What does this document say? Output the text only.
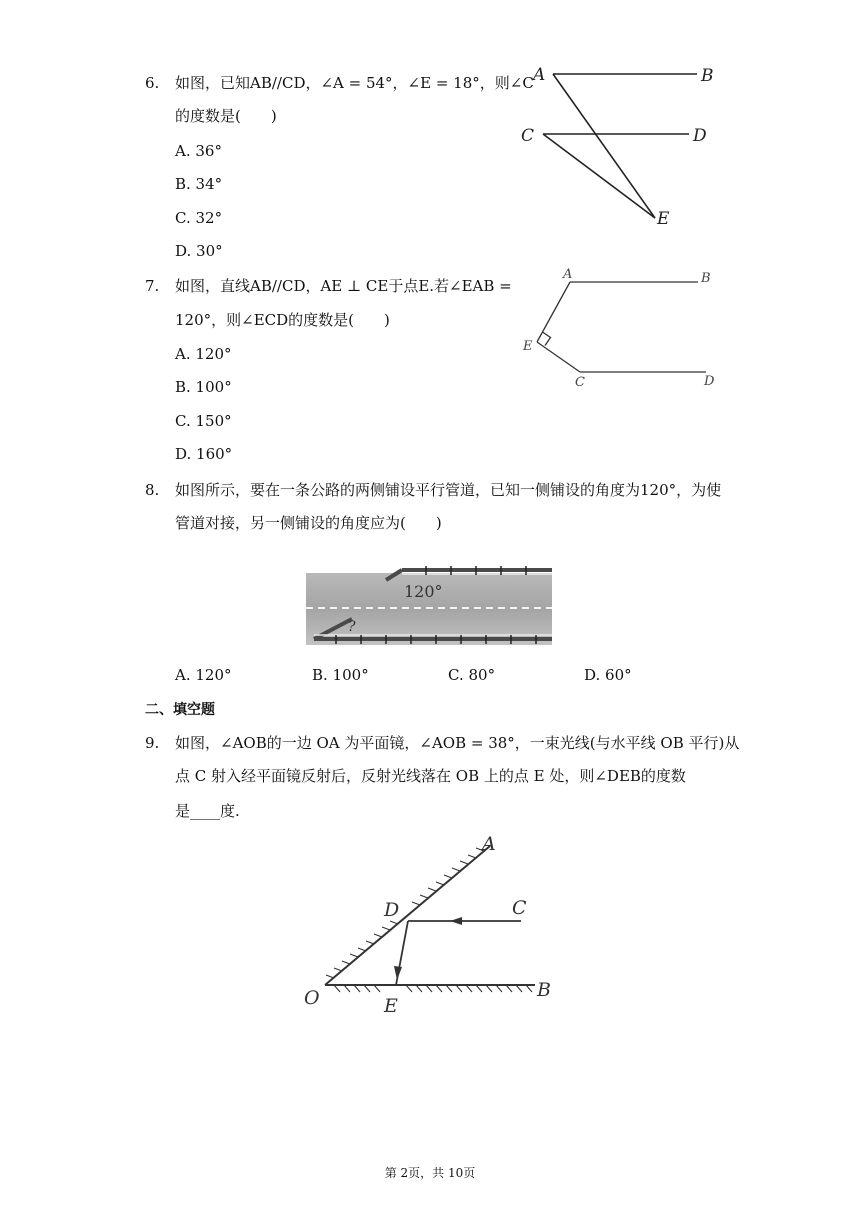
6. 如图，已知AB//CD，∠A = 54°，∠E = 18°，则∠C
的度数是(　　)
A. 36°
B. 34°
C. 32°
D. 30°
A	B
C	D
E
7. 如图，直线AB//CD，AE ⊥ CE于点E.若∠EAB =
120°，则∠ECD的度数是(　　)
A. 120°
B. 100°
C. 150°
D. 160°
A	B
E
C	D
8. 如图所示，要在一条公路的两侧铺设平行管道，已知一侧铺设的角度为120°，为使
管道对接，另一侧铺设的角度应为(　　)
120°
?
A. 120°	B. 100°	C. 80°	D. 60°
二、填空题
9. 如图，∠AOB的一边 OA 为平面镜，∠AOB = 38°，一束光线(与水平线 OB 平行)从
点 C 射入经平面镜反射后，反射光线落在 OB 上的点 E 处，则∠DEB的度数
是____度.
A
D	C
O	E
B
第 2页，共 10页
